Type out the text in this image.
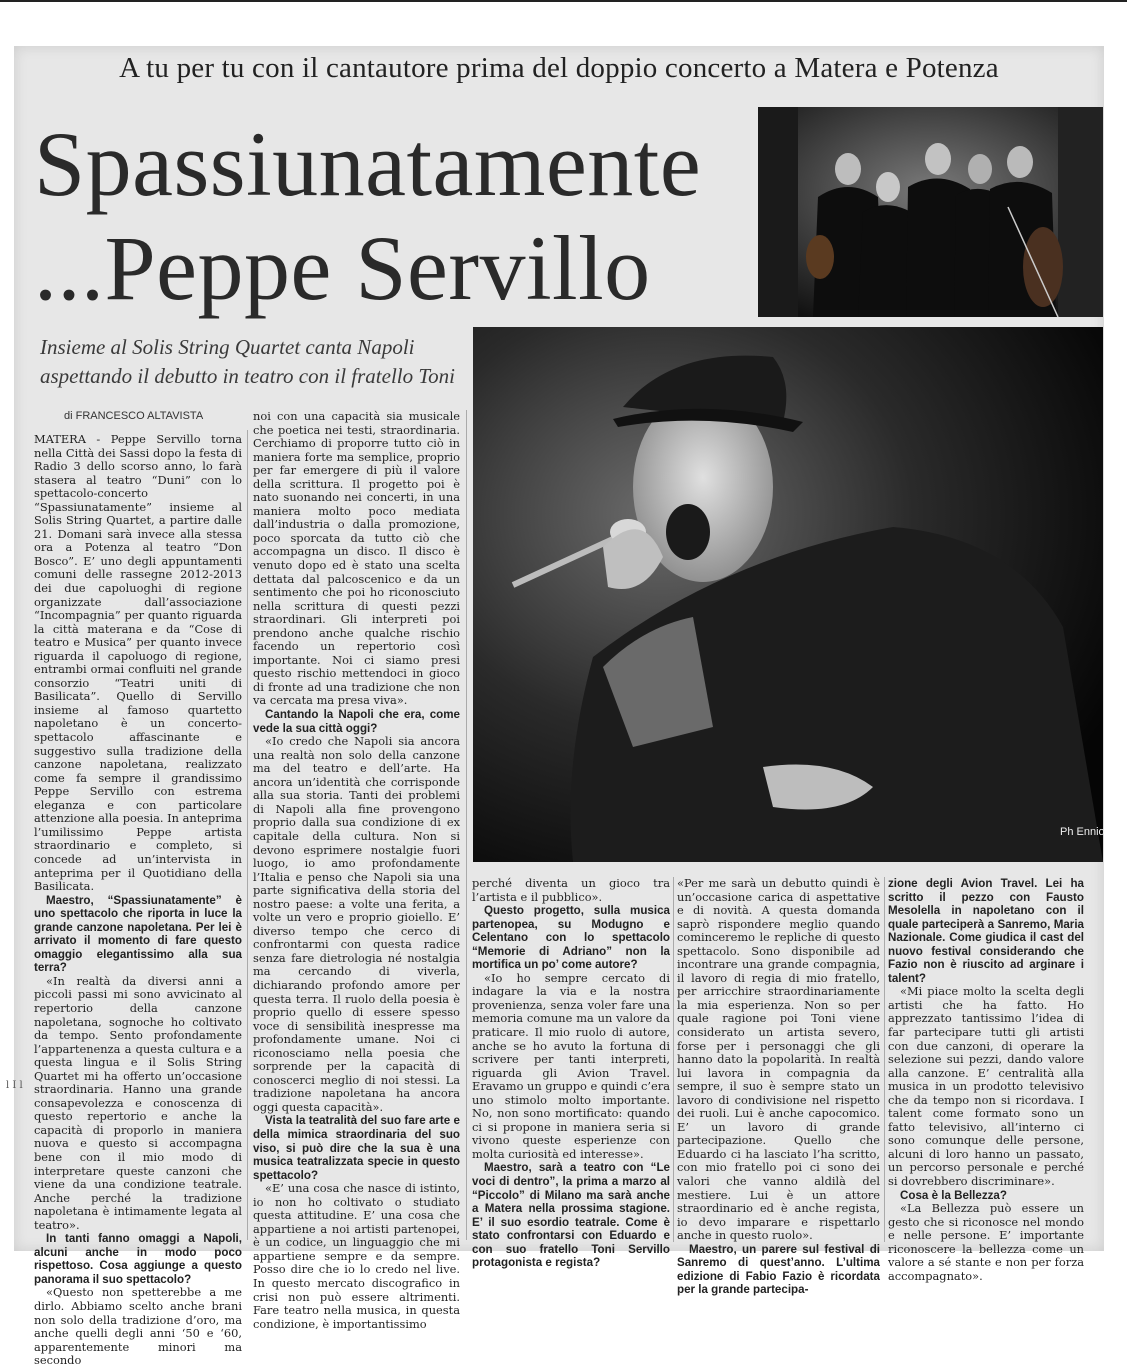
A tu per tu con il cantautore prima del doppio concerto a Matera e Potenza
Spassiunatamente
...Peppe Servillo
Insieme al Solis String Quartet canta Napoli aspettando il debutto in teatro con il fratello Toni
di FRANCESCO ALTAVISTA
Ph Ennio

MATERA - Peppe Servillo torna nella Città dei Sassi dopo la festa di Radio 3 dello scorso anno, lo farà stasera al teatro “Duni” con lo spettacolo-concerto “Spassiunatamente” insieme al Solis String Quartet, a partire dalle 21. Domani sarà invece alla stessa ora a Potenza al teatro “Don Bosco”. E’ uno degli appuntamenti comuni delle rassegne 2012-2013 dei due capoluoghi di regione organizzate dall’associazione “Incompagnia” per quanto riguarda la città materana e da “Cose di teatro e Musica” per quanto invece riguarda il capoluogo di regione, entrambi ormai confluiti nel grande consorzio “Teatri uniti di Basilicata”. Quello di Servillo insieme al famoso quartetto napoletano è un concerto-spettacolo affascinante e suggestivo sulla tradizione della canzone napoletana, realizzato come fa sempre il grandissimo Peppe Servillo con estrema eleganza e con particolare attenzione alla poesia. In anteprima l’umilissimo Peppe artista straordinario e completo, si concede ad un’intervista in anteprima per il Quotidiano della Basilicata.

Maestro, “Spassiunatamente” è uno spettacolo che riporta in luce la grande canzone napoletana. Per lei è arrivato il momento di fare questo omaggio elegantissimo alla sua terra?

«In realtà da diversi anni a piccoli passi mi sono avvicinato al repertorio della canzone napoletana, sognoche ho coltivato da tempo. Sento profondamente l’appartenenza a questa cultura e a questa lingua e il Solis String Quartet mi ha offerto un’occasione straordinaria. Hanno una grande consapevolezza e conoscenza di questo repertorio e anche la capacità di proporlo in maniera nuova e questo si accompagna bene con il mio modo di interpretare queste canzoni che viene da una condizione teatrale. Anche perché la tradizione napoletana è intimamente legata al teatro».

In tanti fanno omaggi a Napoli, alcuni anche in modo poco rispettoso. Cosa aggiunge a questo panorama il suo spettacolo?

«Questo non spetterebbe a me dirlo. Abbiamo scelto anche brani non solo della tradizione d’oro, ma anche quelli degli anni ‘50 e ‘60, apparentemente minori ma secondo

noi con una capacità sia musicale che poetica nei testi, straordinaria. Cerchiamo di proporre tutto ciò in maniera forte ma semplice, proprio per far emergere di più il valore della scrittura. Il progetto poi è nato suonando nei concerti, in una maniera molto poco mediata dall’industria o dalla promozione, poco sporcata da tutto ciò che accompagna un disco. Il disco è venuto dopo ed è stato una scelta dettata dal palcoscenico e da un sentimento che poi ho riconosciuto nella scrittura di questi pezzi straordinari. Gli interpreti poi prendono anche qualche rischio facendo un repertorio così importante. Noi ci siamo presi questo rischio mettendoci in gioco di fronte ad una tradizione che non va cercata ma presa viva».

Cantando la Napoli che era, come vede la sua città oggi?

«Io credo che Napoli sia ancora una realtà non solo della canzone ma del teatro e dell’arte. Ha ancora un’identità che corrisponde alla sua storia. Tanti dei problemi di Napoli alla fine provengono proprio dalla sua condizione di ex capitale della cultura. Non si devono esprimere nostalgie fuori luogo, io amo profondamente l’Italia e penso che Napoli sia una parte significativa della storia del nostro paese: a volte una ferita, a volte un vero e proprio gioiello. E’ diverso tempo che cerco di confrontarmi con questa radice senza fare dietrologia né nostalgia ma cercando di viverla, dichiarando profondo amore per questa terra. Il ruolo della poesia è proprio quello di essere spesso voce di sensibilità inespresse ma profondamente umane. Noi ci riconosciamo nella poesia che sorprende per la capacità di conoscerci meglio di noi stessi. La tradizione napoletana ha ancora oggi questa capacità».

Vista la teatralità del suo fare arte e della mimica straordinaria del suo viso, si può dire che la sua è una musica teatralizzata specie in questo spettacolo?

«E’ una cosa che nasce di istinto, io non ho coltivato o studiato questa attitudine. E’ una cosa che appartiene a noi artisti partenopei, è un codice, un linguaggio che mi appartiene sempre e da sempre. Posso dire che io lo credo nel live. In questo mercato discografico in crisi non può essere altrimenti. Fare teatro nella musica, in questa condizione, è importantissimo

perché diventa un gioco tra l’artista e il pubblico».

Questo progetto, sulla musica partenopea, su Modugno e Celentano con lo spettacolo “Memorie di Adriano” non la mortifica un po’ come autore?

«Io ho sempre cercato di indagare la via e la nostra provenienza, senza voler fare una memoria comune ma un valore da praticare. Il mio ruolo di autore, anche se ho avuto la fortuna di scrivere per tanti interpreti, riguarda gli Avion Travel. Eravamo un gruppo e quindi c’era uno stimolo molto importante. No, non sono mortificato: quando ci si propone in maniera seria si vivono queste esperienze con molta curiosità ed interesse».

Maestro, sarà a teatro con “Le voci di dentro”, la prima a marzo al “Piccolo” di Milano ma sarà anche a Matera nella prossima stagione. E’ il suo esordio teatrale. Come è stato confrontarsi con Eduardo e con suo fratello Toni Servillo protagonista e regista?

«Per me sarà un debutto quindi è un’occasione carica di aspettative e di novità. A questa domanda saprò rispondere meglio quando cominceremo le repliche di questo spettacolo. Sono disponibile ad incontrare una grande compagnia, il lavoro di regia di mio fratello, per arricchire straordinariamente la mia esperienza. Non so per quale ragione poi Toni viene considerato un artista severo, forse per i personaggi che gli hanno dato la popolarità. In realtà lui lavora in compagnia da sempre, il suo è sempre stato un lavoro di condivisione nel rispetto dei ruoli. Lui è anche capocomico. E’ un lavoro di grande partecipazione. Quello che Eduardo ci ha lasciato l’ha scritto, con mio fratello poi ci sono dei valori che vanno aldilà del mestiere. Lui è un attore straordinario ed è anche regista, io devo imparare e rispettarlo anche in questo ruolo».

Maestro, un parere sul festival di Sanremo di quest’anno. L’ultima edizione di Fabio Fazio è ricordata per la grande partecipa-

zione degli Avion Travel. Lei ha scritto il pezzo con Fausto Mesolella in napoletano con il quale parteciperà a Sanremo, Maria Nazionale. Come giudica il cast del nuovo festival considerando che Fazio non è riuscito ad arginare i talent?

«Mi piace molto la scelta degli artisti che ha fatto. Ho apprezzato tantissimo l’idea di far partecipare tutti gli artisti con due canzoni, di operare la selezione sui pezzi, dando valore alla canzone. E’ centralità alla musica in un prodotto televisivo che da tempo non si ricordava. I talent come formato sono un fatto televisivo, all’interno ci sono comunque delle persone, alcuni di loro hanno un passato, un percorso personale e perché si dovrebbero discriminare».

Cosa è la Bellezza?

«La Bellezza può essere un gesto che si riconosce nel mondo e nelle persone. E’ importante riconoscere la bellezza come un valore a sé stante e non per forza accompagnato».

l I l
